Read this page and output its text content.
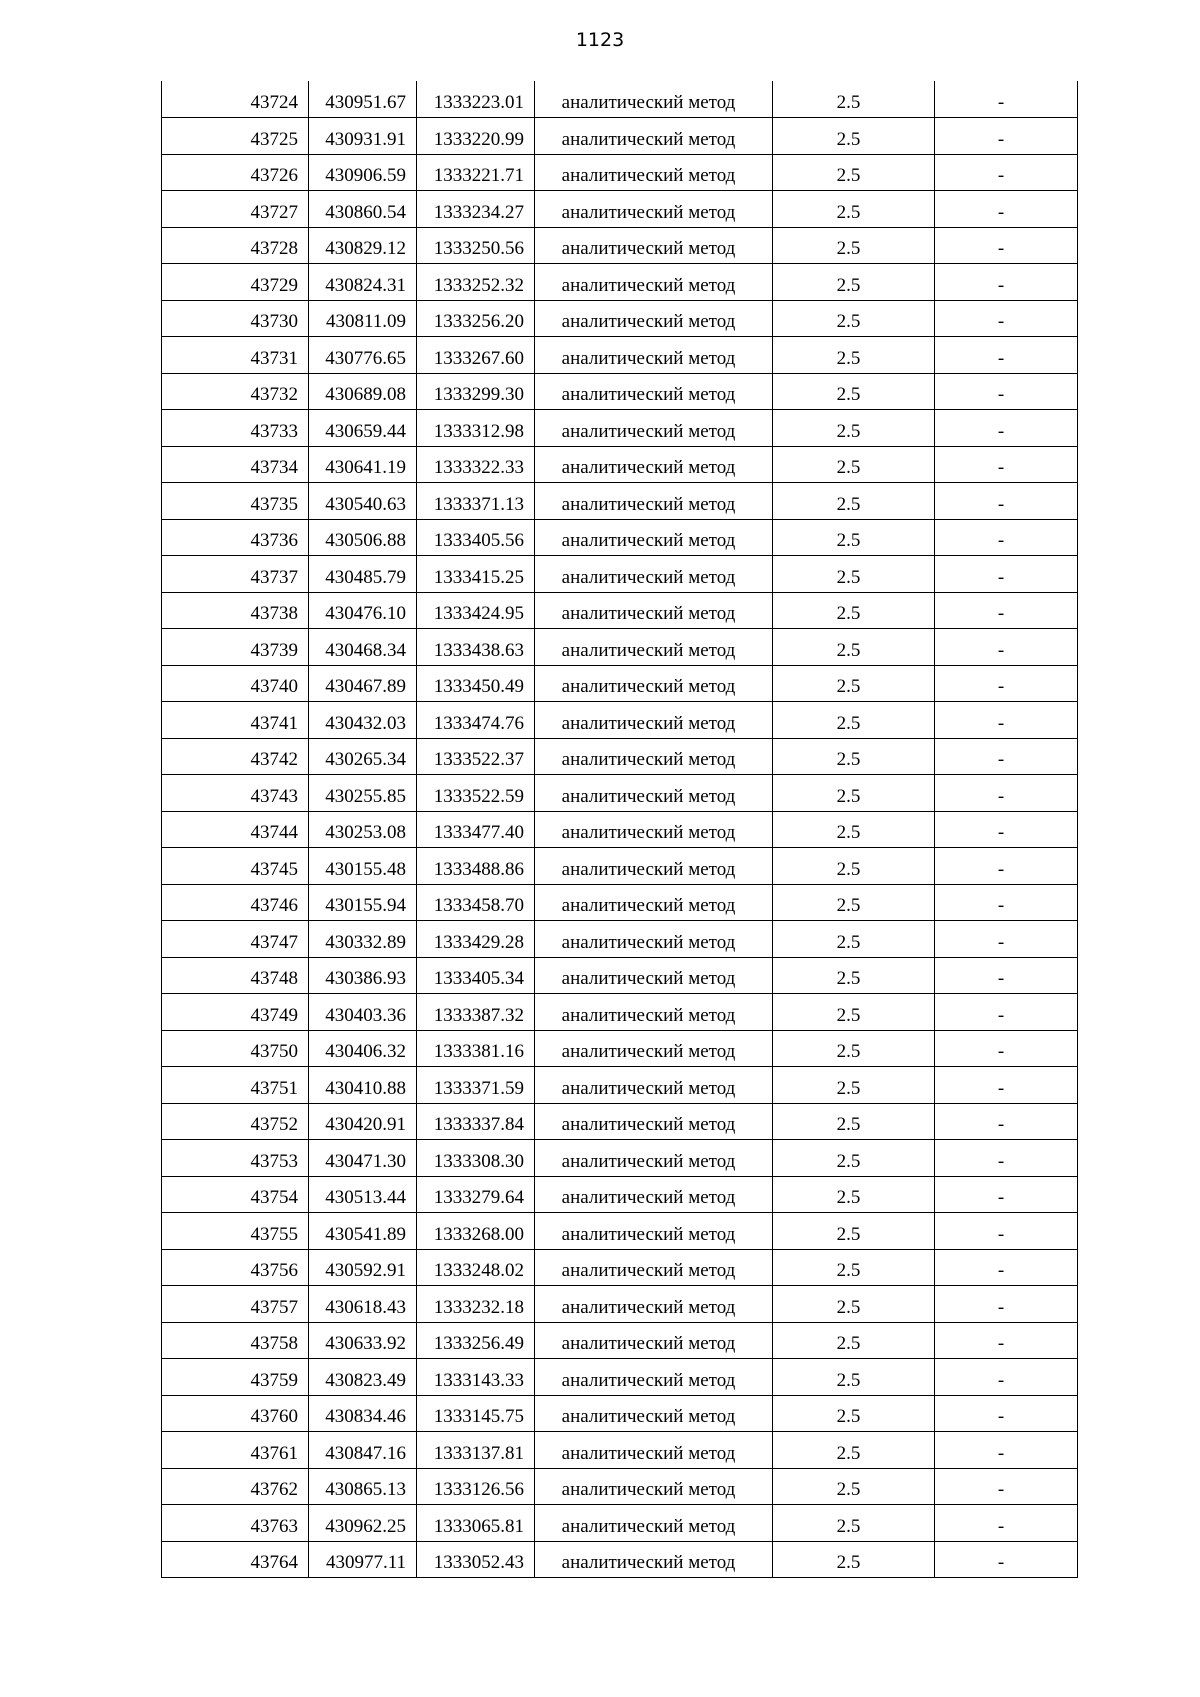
1123
43724	430951.67	1333223.01	аналитический метод	2.5	-
43725	430931.91	1333220.99	аналитический метод	2.5	-
43726	430906.59	1333221.71	аналитический метод	2.5	-
43727	430860.54	1333234.27	аналитический метод	2.5	-
43728	430829.12	1333250.56	аналитический метод	2.5	-
43729	430824.31	1333252.32	аналитический метод	2.5	-
43730	430811.09	1333256.20	аналитический метод	2.5	-
43731	430776.65	1333267.60	аналитический метод	2.5	-
43732	430689.08	1333299.30	аналитический метод	2.5	-
43733	430659.44	1333312.98	аналитический метод	2.5	-
43734	430641.19	1333322.33	аналитический метод	2.5	-
43735	430540.63	1333371.13	аналитический метод	2.5	-
43736	430506.88	1333405.56	аналитический метод	2.5	-
43737	430485.79	1333415.25	аналитический метод	2.5	-
43738	430476.10	1333424.95	аналитический метод	2.5	-
43739	430468.34	1333438.63	аналитический метод	2.5	-
43740	430467.89	1333450.49	аналитический метод	2.5	-
43741	430432.03	1333474.76	аналитический метод	2.5	-
43742	430265.34	1333522.37	аналитический метод	2.5	-
43743	430255.85	1333522.59	аналитический метод	2.5	-
43744	430253.08	1333477.40	аналитический метод	2.5	-
43745	430155.48	1333488.86	аналитический метод	2.5	-
43746	430155.94	1333458.70	аналитический метод	2.5	-
43747	430332.89	1333429.28	аналитический метод	2.5	-
43748	430386.93	1333405.34	аналитический метод	2.5	-
43749	430403.36	1333387.32	аналитический метод	2.5	-
43750	430406.32	1333381.16	аналитический метод	2.5	-
43751	430410.88	1333371.59	аналитический метод	2.5	-
43752	430420.91	1333337.84	аналитический метод	2.5	-
43753	430471.30	1333308.30	аналитический метод	2.5	-
43754	430513.44	1333279.64	аналитический метод	2.5	-
43755	430541.89	1333268.00	аналитический метод	2.5	-
43756	430592.91	1333248.02	аналитический метод	2.5	-
43757	430618.43	1333232.18	аналитический метод	2.5	-
43758	430633.92	1333256.49	аналитический метод	2.5	-
43759	430823.49	1333143.33	аналитический метод	2.5	-
43760	430834.46	1333145.75	аналитический метод	2.5	-
43761	430847.16	1333137.81	аналитический метод	2.5	-
43762	430865.13	1333126.56	аналитический метод	2.5	-
43763	430962.25	1333065.81	аналитический метод	2.5	-
43764	430977.11	1333052.43	аналитический метод	2.5	-
